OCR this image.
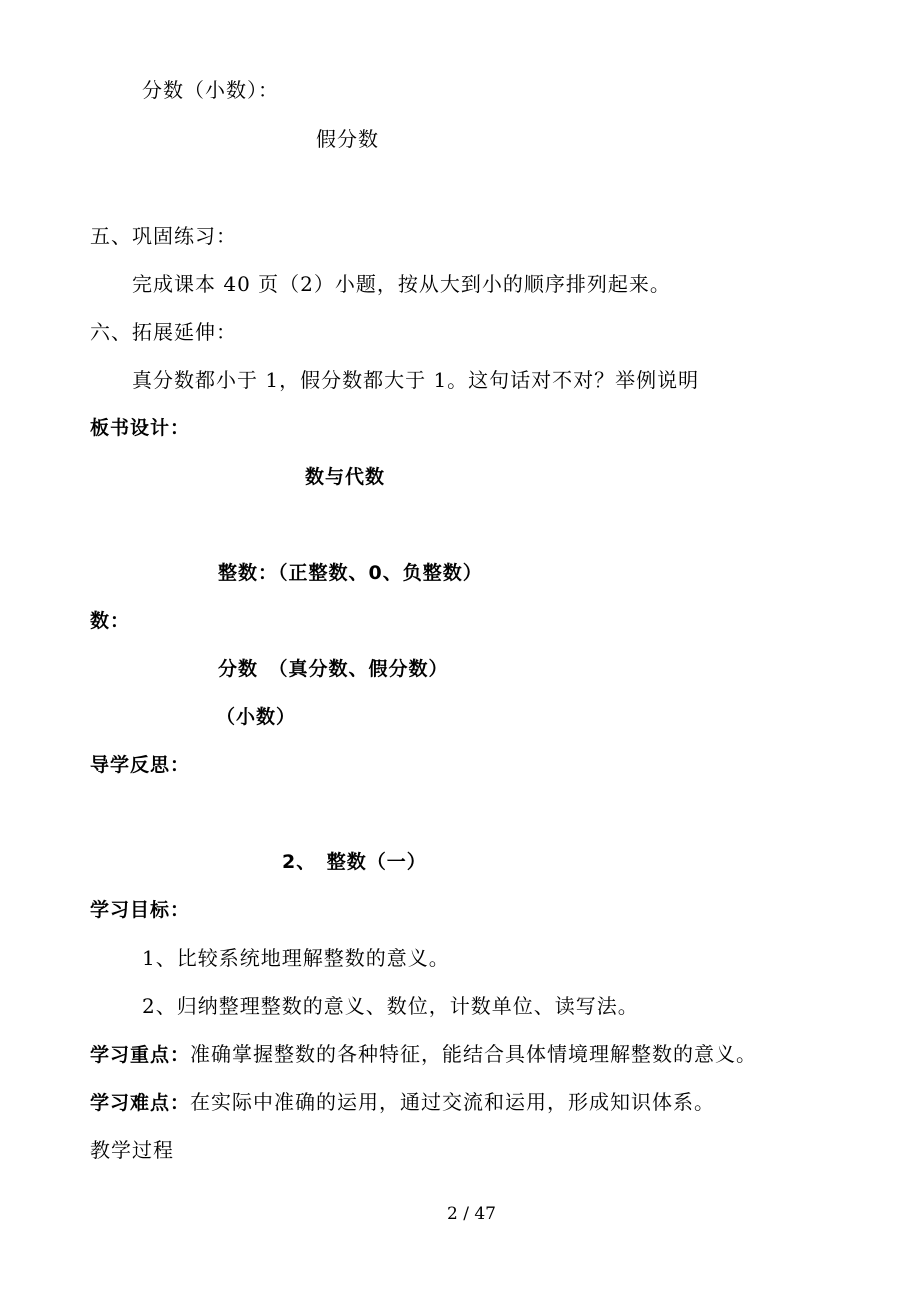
分数（小数）：
假分数
五、巩固练习：
完成课本 40 页（2）小题，按从大到小的顺序排列起来。
六、拓展延伸：
真分数都小于 1，假分数都大于 1。这句话对不对？举例说明
板书设计：
数与代数
整数：（正整数、0、负整数）
数：
分数　（真分数、假分数）
（小数）
导学反思：
2、　整数（一）
学习目标：
1、比较系统地理解整数的意义。
2、归纳整理整数的意义、数位，计数单位、读写法。
学习重点：准确掌握整数的各种特征，能结合具体情境理解整数的意义。
学习难点：在实际中准确的运用，通过交流和运用，形成知识体系。
教学过程
2 / 47
